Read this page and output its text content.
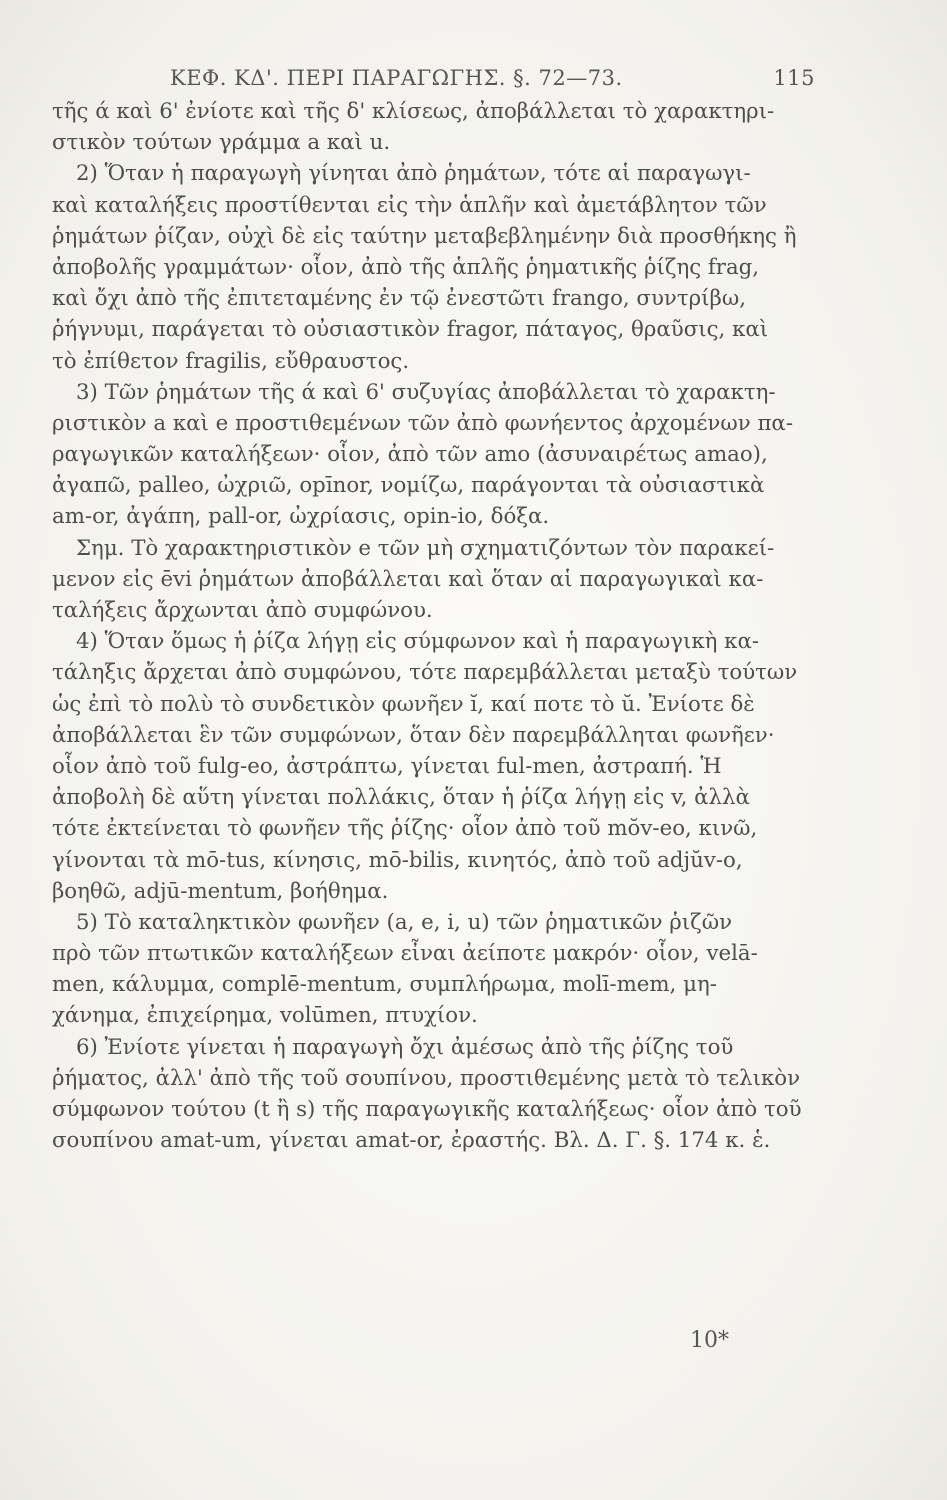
ΚΕΦ. ΚΔ'. ΠΕΡΙ ΠΑΡΑΓΩΓΗΣ. §. 72—73.	115
τῆς ά καὶ 6' ἐνίοτε καὶ τῆς δ' κλίσεως, ἀποβάλλεται τὸ χαρακτηρι-
στικὸν τούτων γράμμα a καὶ u.
2) Ὅταν ἡ παραγωγὴ γίνηται ἀπὸ ῥημάτων, τότε αἱ παραγωγι-
καὶ καταλήξεις προστίθενται εἰς τὴν ἁπλῆν καὶ ἀμετάβλητον τῶν
ῥημάτων ῥίζαν, οὐχὶ δὲ εἰς ταύτην μεταβεβλημένην διὰ προσθήκης ἢ
ἀποβολῆς γραμμάτων· οἷον, ἀπὸ τῆς ἁπλῆς ῥηματικῆς ῥίζης frag,
καὶ ὄχι ἀπὸ τῆς ἐπιτεταμένης ἐν τῷ ἐνεστῶτι frango, συντρίβω,
ῥήγνυμι, παράγεται τὸ οὐσιαστικὸν fragor, πάταγος, θραῦσις, καὶ
τὸ ἐπίθετον fragilis, εὔθραυστος.
3) Τῶν ῥημάτων τῆς ά καὶ 6' συζυγίας ἀποβάλλεται τὸ χαρακτη-
ριστικὸν a καὶ e προστιθεμένων τῶν ἀπὸ φωνήεντος ἀρχομένων πα-
ραγωγικῶν καταλήξεων· οἷον, ἀπὸ τῶν amo (ἀσυναιρέτως amao),
ἀγαπῶ, palleo, ὠχριῶ, opīnor, νομίζω, παράγονται τὰ οὐσιαστικὰ
am-or, ἀγάπη, pall-or, ὠχρίασις, opin-io, δόξα.
Σημ. Τὸ χαρακτηριστικὸν e τῶν μὴ σχηματιζόντων τὸν παρακεί-
μενον εἰς ēvi ῥημάτων ἀποβάλλεται καὶ ὅταν αἱ παραγωγικαὶ κα-
ταλήξεις ἄρχωνται ἀπὸ συμφώνου.
4) Ὅταν ὅμως ἡ ῥίζα λήγῃ εἰς σύμφωνον καὶ ἡ παραγωγικὴ κα-
τάληξις ἄρχεται ἀπὸ συμφώνου, τότε παρεμβάλλεται μεταξὺ τούτων
ὡς ἐπὶ τὸ πολὺ τὸ συνδετικὸν φωνῆεν ĭ, καί ποτε τὸ ŭ. Ἐνίοτε δὲ
ἀποβάλλεται ἓν τῶν συμφώνων, ὅταν δὲν παρεμβάλληται φωνῆεν·
οἷον ἀπὸ τοῦ fulg-eo, ἀστράπτω, γίνεται ful-men, ἀστραπή. Ἡ
ἀποβολὴ δὲ αὕτη γίνεται πολλάκις, ὅταν ἡ ῥίζα λήγῃ εἰς v, ἀλλὰ
τότε ἐκτείνεται τὸ φωνῆεν τῆς ῥίζης· οἷον ἀπὸ τοῦ mŏv-eo, κινῶ,
γίνονται τὰ mō-tus, κίνησις, mō-bilis, κινητός, ἀπὸ τοῦ adjŭv-o,
βοηθῶ, adjū-mentum, βοήθημα.
5) Τὸ καταληκτικὸν φωνῆεν (a, e, i, u) τῶν ῥηματικῶν ῥιζῶν
πρὸ τῶν πτωτικῶν καταλήξεων εἶναι ἀείποτε μακρόν· οἷον, velā-
men, κάλυμμα, complē-mentum, συμπλήρωμα, molī-mem, μη-
χάνημα, ἐπιχείρημα, volūmen, πτυχίον.
6) Ἐνίοτε γίνεται ἡ παραγωγὴ ὄχι ἀμέσως ἀπὸ τῆς ῥίζης τοῦ
ῥήματος, ἀλλ' ἀπὸ τῆς τοῦ σουπίνου, προστιθεμένης μετὰ τὸ τελικὸν
σύμφωνον τούτου (t ἢ s) τῆς παραγωγικῆς καταλήξεως· οἷον ἀπὸ τοῦ
σουπίνου amat-um, γίνεται amat-or, ἐραστής. Βλ. Δ. Γ. §. 174 κ. ἑ.
10*
